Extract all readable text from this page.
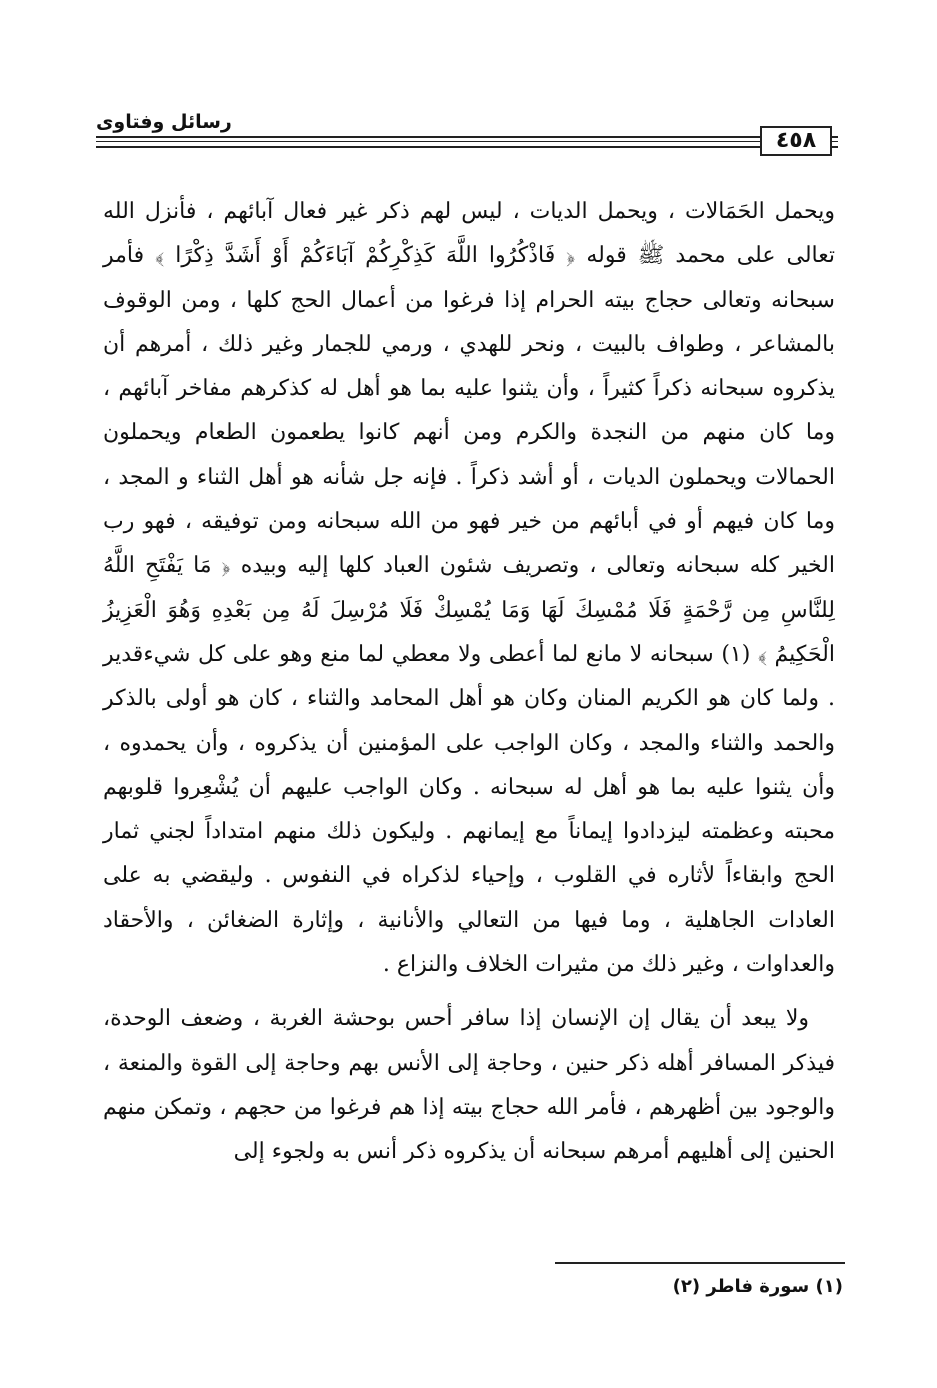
رسائل وفتاوى
٤٥٨

ويحمل الحَمَالات ، ويحمل الديات ، ليس لهم ذكر غير فعال آبائهم ، فأنزل الله تعالى على محمد ﷺ قوله ﴿ فَاذْكُرُوا اللَّهَ كَذِكْرِكُمْ آبَاءَكُمْ أَوْ أَشَدَّ ذِكْرًا ﴾ فأمر سبحانه وتعالى حجاج بيته الحرام إذا فرغوا من أعمال الحج كلها ، ومن الوقوف بالمشاعر ، وطواف بالبيت ، ونحر للهدي ، ورمي للجمار وغير ذلك ، أمرهم أن يذكروه سبحانه ذكراً كثيراً ، وأن يثنوا عليه بما هو أهل له كذكرهم مفاخر آبائهم ، وما كان منهم من النجدة والكرم ومن أنهم كانوا يطعمون الطعام ويحملون الحمالات ويحملون الديات ، أو أشد ذكراً . فإنه جل شأنه هو أهل الثناء و المجد ، وما كان فيهم أو في أبائهم من خير فهو من الله سبحانه ومن توفيقه ، فهو رب الخير كله سبحانه وتعالى ، وتصريف شئون العباد كلها إليه وبيده ﴿ مَا يَفْتَحِ اللَّهُ لِلنَّاسِ مِن رَّحْمَةٍ فَلَا مُمْسِكَ لَهَا وَمَا يُمْسِكْ فَلَا مُرْسِلَ لَهُ مِن بَعْدِهِ وَهُوَ الْعَزِيزُ الْحَكِيمُ ﴾ (١) سبحانه لا مانع لما أعطى ولا معطي لما منع وهو على كل شيءقدير . ولما كان هو الكريم المنان وكان هو أهل المحامد والثناء ، كان هو أولى بالذكر والحمد والثناء والمجد ، وكان الواجب على المؤمنين أن يذكروه ، وأن يحمدوه ، وأن يثنوا عليه بما هو أهل له سبحانه . وكان الواجب عليهم أن يُشْعِروا قلوبهم محبته وعظمته ليزدادوا إيماناً مع إيمانهم . وليكون ذلك منهم امتداداً لجني ثمار الحج وابقاءاً لأثاره في القلوب ، وإحياء لذكراه في النفوس . وليقضي به على العادات الجاهلية ، وما فيها من التعالي والأنانية ، وإثارة الضغائن ، والأحقاد والعداوات ، وغير ذلك من مثيرات الخلاف والنزاع .

ولا يبعد أن يقال إن الإنسان إذا سافر أحس بوحشة الغربة ، وضعف الوحدة، فيذكر المسافر أهله ذكر حنين ، وحاجة إلى الأنس بهم وحاجة إلى القوة والمنعة ، والوجود بين أظهرهم ، فأمر الله حجاج بيته إذا هم فرغوا من حجهم ، وتمكن منهم الحنين إلى أهليهم أمرهم سبحانه أن يذكروه ذكر أنس به ولجوء إلى

(١) سورة فاطر (٢)
